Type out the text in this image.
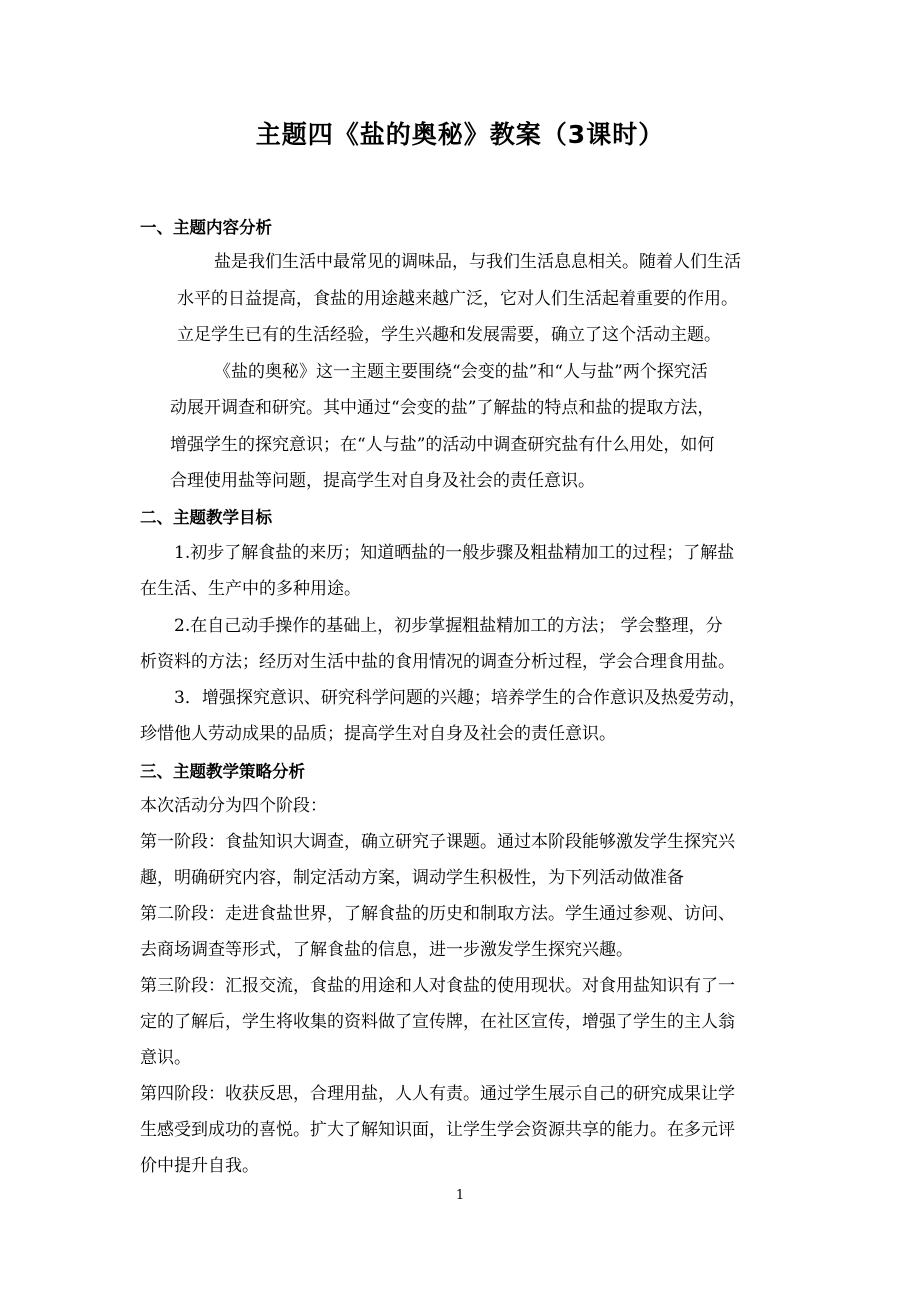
主题四《盐的奥秘》教案（3课时）
一、主题内容分析
盐是我们生活中最常见的调味品，与我们生活息息相关。随着人们生活
水平的日益提高，食盐的用途越来越广泛，它对人们生活起着重要的作用。
立足学生已有的生活经验，学生兴趣和发展需要，确立了这个活动主题。
《盐的奥秘》这一主题主要围绕“会变的盐”和“人与盐”两个探究活
动展开调查和研究。其中通过“会变的盐”了解盐的特点和盐的提取方法，
增强学生的探究意识；在“人与盐”的活动中调查研究盐有什么用处，如何
合理使用盐等问题，提高学生对自身及社会的责任意识。
二、主题教学目标
1.初步了解食盐的来历；知道晒盐的一般步骤及粗盐精加工的过程；了解盐
在生活、生产中的多种用途。
2.在自己动手操作的基础上，初步掌握粗盐精加工的方法； 学会整理，分
析资料的方法；经历对生活中盐的食用情况的调查分析过程，学会合理食用盐。
3．增强探究意识、研究科学问题的兴趣；培养学生的合作意识及热爱劳动，
珍惜他人劳动成果的品质；提高学生对自身及社会的责任意识。
三、主题教学策略分析
本次活动分为四个阶段：
第一阶段：食盐知识大调查，确立研究子课题。通过本阶段能够激发学生探究兴
趣，明确研究内容，制定活动方案，调动学生积极性，为下列活动做准备
第二阶段：走进食盐世界，了解食盐的历史和制取方法。学生通过参观、访问、
去商场调查等形式，了解食盐的信息，进一步激发学生探究兴趣。
第三阶段：汇报交流，食盐的用途和人对食盐的使用现状。对食用盐知识有了一
定的了解后，学生将收集的资料做了宣传牌，在社区宣传，增强了学生的主人翁
意识。
第四阶段：收获反思，合理用盐，人人有责。通过学生展示自己的研究成果让学
生感受到成功的喜悦。扩大了解知识面，让学生学会资源共享的能力。在多元评
价中提升自我。
1
